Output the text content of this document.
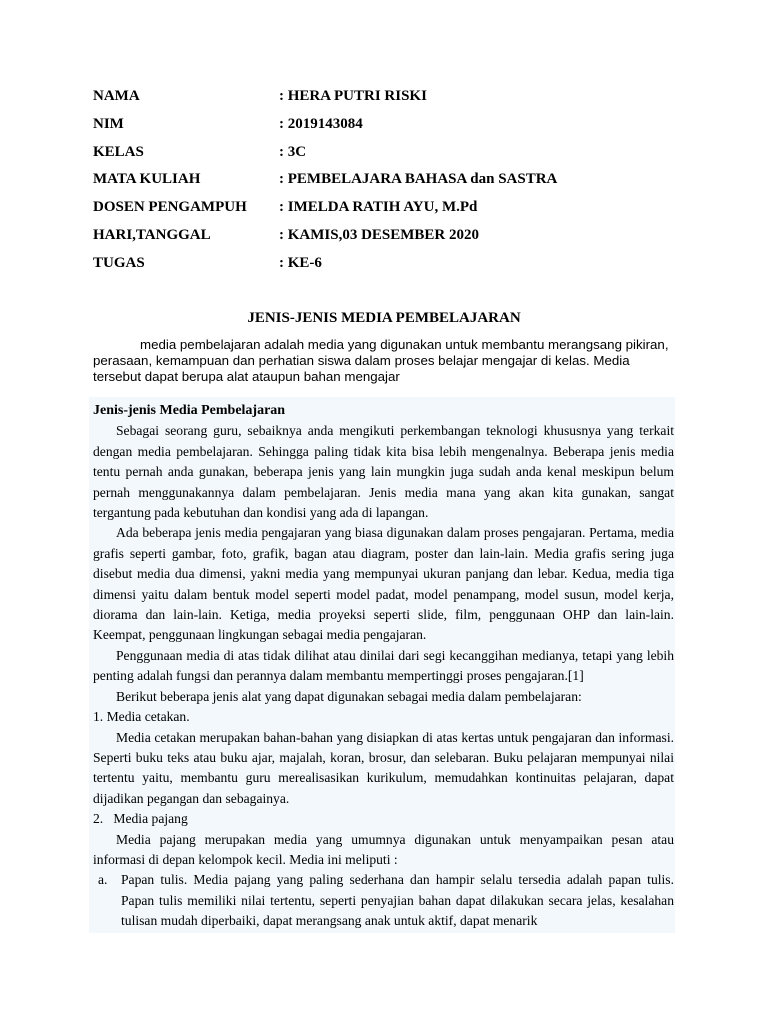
NAMA	: HERA PUTRI RISKI
NIM	: 2019143084
KELAS	: 3C
MATA KULIAH	: PEMBELAJARA BAHASA dan SASTRA
DOSEN PENGAMPUH : IMELDA RATIH AYU, M.Pd
HARI,TANGGAL	: KAMIS,03 DESEMBER 2020
TUGAS	: KE-6
JENIS-JENIS MEDIA PEMBELAJARAN

media pembelajaran adalah media yang digunakan untuk membantu merangsang pikiran, perasaan, kemampuan dan perhatian siswa dalam proses belajar mengajar di kelas. Media tersebut dapat berupa alat ataupun bahan mengajar

Jenis-jenis Media Pembelajaran

Sebagai seorang guru, sebaiknya anda mengikuti perkembangan teknologi khususnya yang terkait dengan media pembelajaran. Sehingga paling tidak kita bisa lebih mengenalnya. Beberapa jenis media tentu pernah anda gunakan, beberapa jenis yang lain mungkin juga sudah anda kenal meskipun belum pernah menggunakannya dalam pembelajaran. Jenis media mana yang akan kita gunakan, sangat tergantung pada kebutuhan dan kondisi yang ada di lapangan.

Ada beberapa jenis media pengajaran yang biasa digunakan dalam proses pengajaran. Pertama, media grafis seperti gambar, foto, grafik, bagan atau diagram, poster dan lain-lain. Media grafis sering juga disebut media dua dimensi, yakni media yang mempunyai ukuran panjang dan lebar. Kedua, media tiga dimensi yaitu dalam bentuk model seperti model padat, model penampang, model susun, model kerja, diorama dan lain-lain. Ketiga, media proyeksi seperti slide, film, penggunaan OHP dan lain-lain. Keempat, penggunaan lingkungan sebagai media pengajaran.

Penggunaan media di atas tidak dilihat atau dinilai dari segi kecanggihan medianya, tetapi yang lebih penting adalah fungsi dan perannya dalam membantu mempertinggi proses pengajaran.[1]

Berikut beberapa jenis alat yang dapat digunakan sebagai media dalam pembelajaran:

1. Media cetakan.

Media cetakan merupakan bahan-bahan yang disiapkan di atas kertas untuk pengajaran dan informasi. Seperti buku teks atau buku ajar, majalah, koran, brosur, dan selebaran. Buku pelajaran mempunyai nilai tertentu yaitu, membantu guru merealisasikan kurikulum, memudahkan kontinuitas pelajaran, dapat dijadikan pegangan dan sebagainya.

2.   Media pajang

Media pajang merupakan media yang umumnya digunakan untuk menyampaikan pesan atau informasi di depan kelompok kecil. Media ini meliputi :

a. Papan tulis. Media pajang yang paling sederhana dan hampir selalu tersedia adalah papan tulis. Papan tulis memiliki nilai tertentu, seperti penyajian bahan dapat dilakukan secara jelas, kesalahan tulisan mudah diperbaiki, dapat merangsang anak untuk aktif, dapat menarik
